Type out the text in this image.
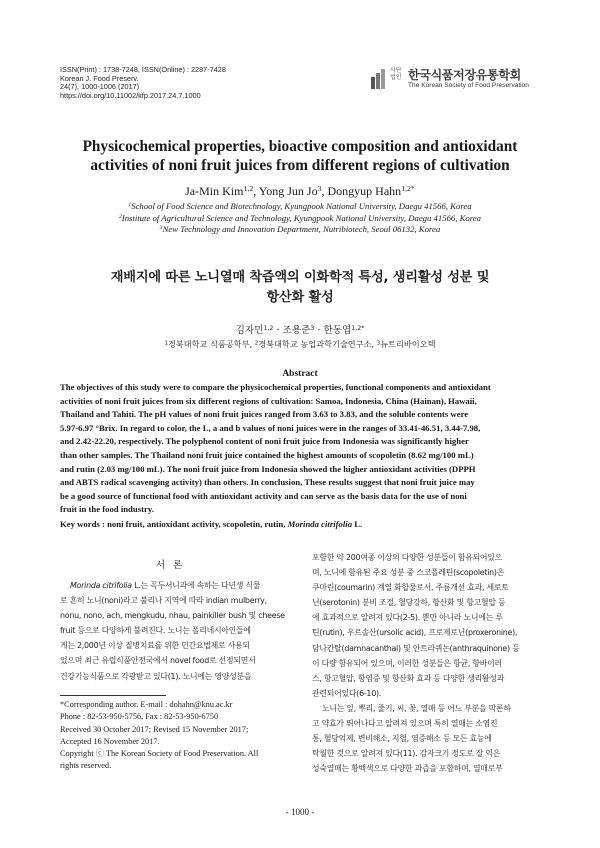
ISSN(Print) : 1738-7248, ISSN(Online) : 2287-7428
Korean J. Food Preserv.
24(7), 1000-1006 (2017)
https://doi.org/10.11002/kfp.2017.24.7.1000
사단
법인 한국식품저장유통학회
The Korean Society of Food Preservation
Physicochemical properties, bioactive composition and antioxidant
activities of noni fruit juices from different regions of cultivation
Ja-Min Kim$^{1,2}$, Yong Jun Jo$^3$, Dongyup Hahn$^{1,2*}$
$^1$School of Food Science and Biotechnology, Kyungpook National University, Daegu 41566, Korea
$^2$Institute of Agricultural Science and Technology, Kyungpook National University, Daegu 41566, Korea
$^3$New Technology and Innovation Department, Nutribiotech, Seoul 06132, Korea
재배지에 따른 노니열매 착즙액의 이화학적 특성, 생리활성 성분 및
항산화 활성
김자민$^{1,2}$ · 조용준$^3$ · 한동엽$^{1,2*}$
$^1$경북대학교 식품공학부, $^2$경북대학교 농업과학기술연구소, $^3$뉴트리바이오텍
Abstract
The objectives of this study were to compare the physicochemical properties, functional components and antioxidant
activities of noni fruit juices from six different regions of cultivation: Samoa, Indonesia, China (Hainan), Hawaii,
Thailand and Tahiti. The pH values of noni fruit juices ranged from 3.63 to 3.83, and the soluble contents were
5.97-6.97 °Brix. In regard to color, the L, a and b values of noni juices were in the ranges of 33.41-46.51, 3.44-7.98,
and 2.42-22.20, respectively. The polyphenol content of noni fruit juice from Indonesia was significantly higher
than other samples. The Thailand noni fruit juice contained the highest amounts of scopoletin (8.62 mg/100 mL)
and rutin (2.03 mg/100 mL). The noni fruit juice from Indonesia showed the higher antioxidant activities (DPPH
and ABTS radical scavenging activity) than others. In conclusion, These results suggest that noni fruit juice may
be a good source of functional food with antioxidant activity and can serve as the basis data for the use of noni
fruit in the food industry.
Key words : noni fruit, antioxidant activity, scopoletin, rutin, Morinda citrifolia L.
서론

Morinda citrifolia L.는 꼭두서니과에 속하는 다년생 식물

로 흔히 노니(noni)라고 불리나 지역에 따라 indian mulberry,

nonu, nono, ach, mengkudu, nhau, painkiller bush 및 cheese

fruit 등으로 다양하게 불려진다. 노니는 폴리네시아인들에

게는 2,000년 이상 질병치료를 위한 민간요법제로 사용되

었으며 최근 유럽식품안전국에서 novel food로 선정되면서

건강기능식품으로 각광받고 있다(1). 노니에는 영양성분을

*Corresponding author. E-mail : dohahn@knu.ac.kr
Phone : 82-53-950-5756, Fax : 82-53-950-6750
Received 30 October 2017; Revised 15 November 2017;
Accepted 16 November 2017.
Copyright ⓒ The Korean Society of Food Preservation. All
rights reserved.

포함한 약 200여종 이상의 다양한 성분들이 함유되어있으

며, 노니에 함유된 주요 성분 중 스코폴레틴(scopoletin)은

쿠마린(coumarin) 계열 화합물로서, 주름개선 효과, 세로토

닌(serotonin) 분비 조절, 혈당강하, 항산화 및 항고혈압 등

에 효과적으로 알려져 있다(2-5). 뿐만 아니라 노니에는 루

틴(rutin), 우르솔산(ursolic acid), 프로제로닌(proxeronine),

담나칸탈(damnacanthal) 및 안트라퀴논(anthraquinone) 등

이 다량 함유되어 있으며, 이러한 성분들은 항균, 항바이러

스, 항고혈압, 항염증 및 항산화 효과 등 다양한 생리활성과

관련되어있다(6-10).

노니는 잎, 뿌리, 줄기, 씨, 꽃, 열매 등 어느 부분을 막론하

고 약효가 뛰어나다고 알려져 있으며 특히 열매는 소염진

통, 혈당억제, 변비해소, 지혈, 염증해소 등 모든 효능에

탁월한 것으로 알려져 있다(11). 감자크기 정도로 잘 익은

성숙열매는 황백색으로 다양한 과즙을 포함하며, 열매로부

- 1000 -
